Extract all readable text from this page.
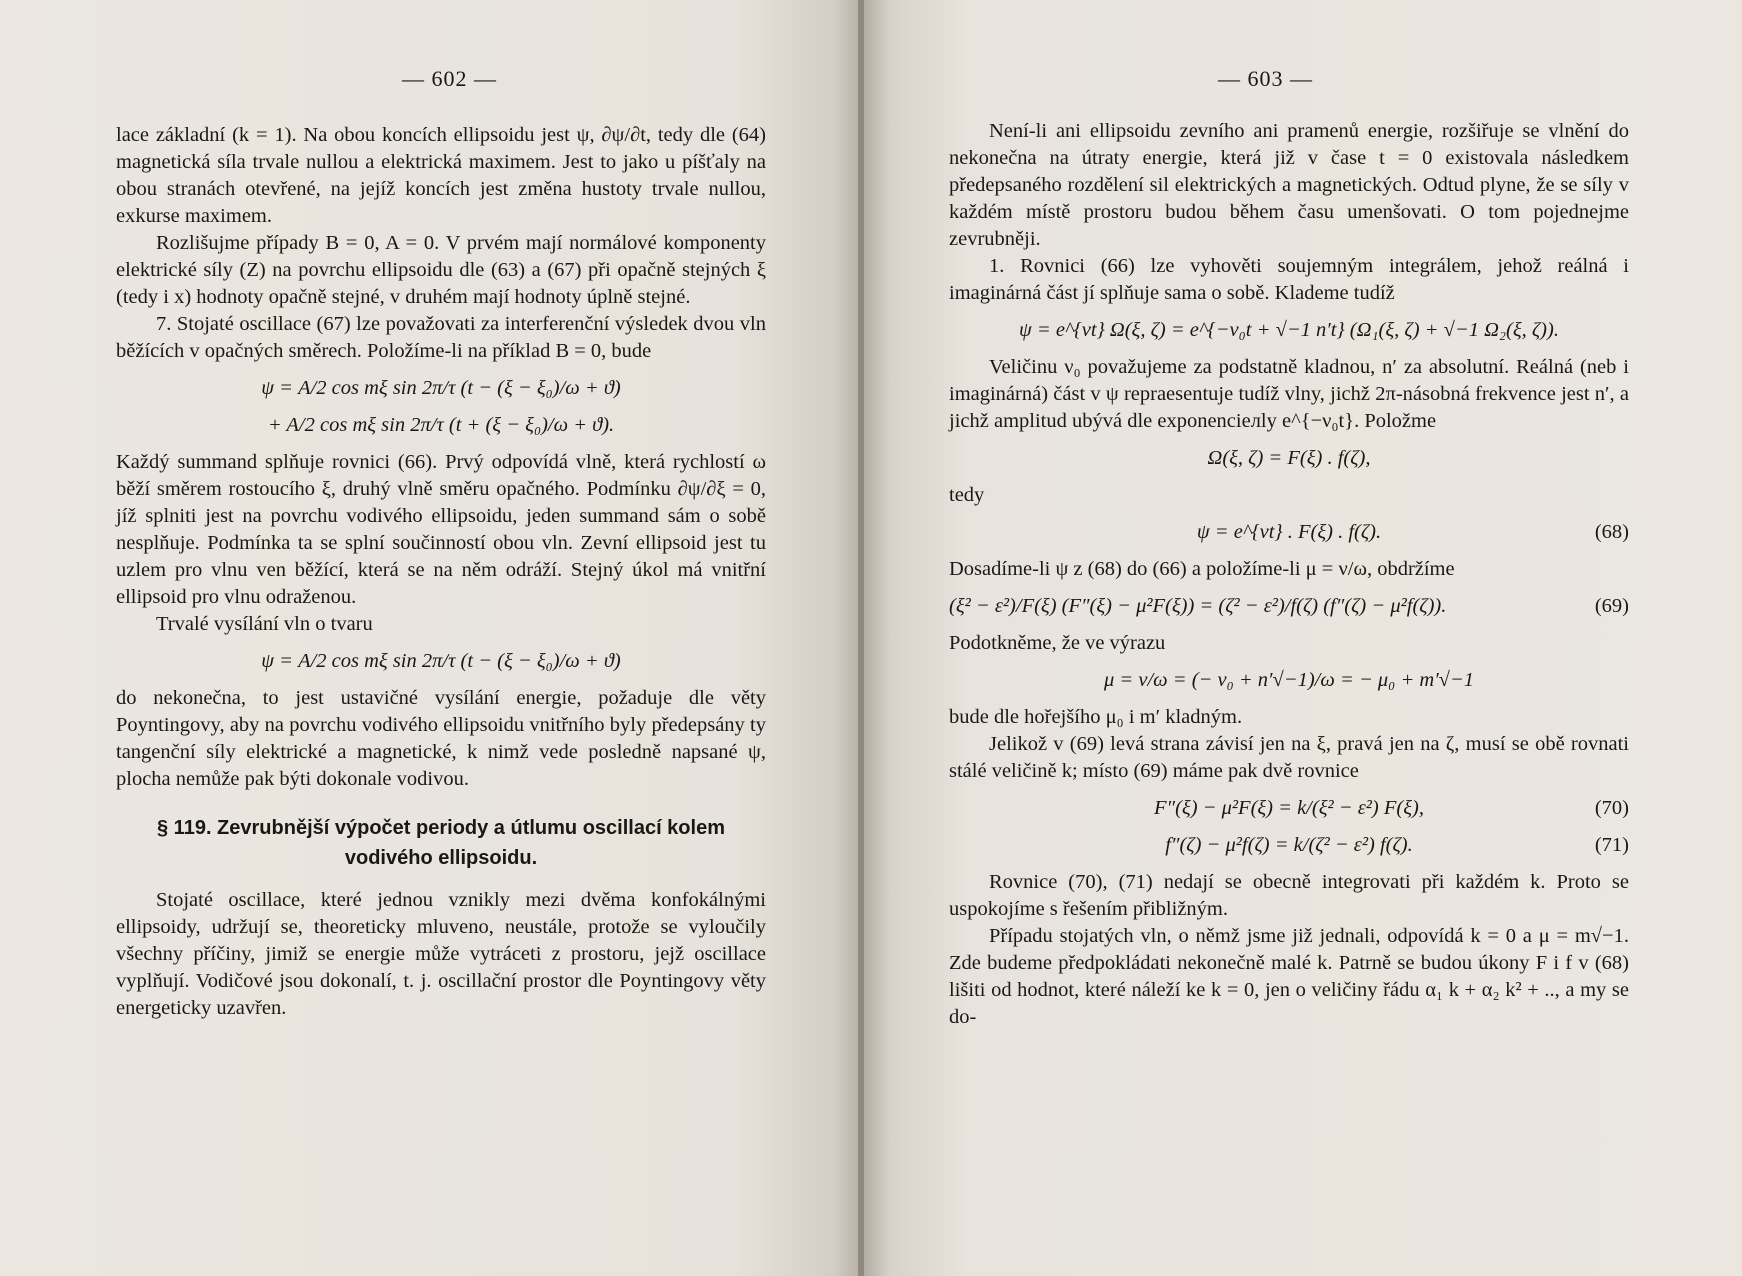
— 602 —

lace základní (k = 1). Na obou koncích ellipsoidu jest ψ, ∂ψ/∂t, tedy dle (64) magnetická síla trvale nullou a elektrická maximem. Jest to jako u píšťaly na obou stranách otevřené, na jejíž koncích jest změna hustoty trvale nullou, exkurse maximem.

Rozlišujme případy B = 0, A = 0. V prvém mají normálové komponenty elektrické síly (Z) na povrchu ellipsoidu dle (63) a (67) při opačně stejných ξ (tedy i x) hodnoty opačně stejné, v druhém mají hodnoty úplně stejné.

7. Stojaté oscillace (67) lze považovati za interferenční výsledek dvou vln běžících v opačných směrech. Položíme-li na příklad B = 0, bude

ψ = A/2 cos mξ sin 2π/τ (t − (ξ − ξ₀)/ω + ϑ)
+ A/2 cos mξ sin 2π/τ (t + (ξ − ξ₀)/ω + ϑ).

Každý summand splňuje rovnici (66). Prvý odpovídá vlně, která rychlostí ω běží směrem rostoucího ξ, druhý vlně směru opačného. Podmínku ∂ψ/∂ξ = 0, jíž splniti jest na povrchu vodivého ellipsoidu, jeden summand sám o sobě nesplňuje. Podmínka ta se splní součinností obou vln. Zevní ellipsoid jest tu uzlem pro vlnu ven běžící, která se na něm odráží. Stejný úkol má vnitřní ellipsoid pro vlnu odraženou.

Trvalé vysílání vln o tvaru

ψ = A/2 cos mξ sin 2π/τ (t − (ξ − ξ₀)/ω + ϑ)

do nekonečna, to jest ustavičné vysílání energie, požaduje dle věty Poyntingovy, aby na povrchu vodivého ellipsoidu vnitřního byly předepsány ty tangenční síly elektrické a magnetické, k nimž vede posledně napsané ψ, plocha nemůže pak býti dokonale vodivou.

§ 119. Zevrubnější výpočet periody a útlumu oscillací kolem
vodivého ellipsoidu.

Stojaté oscillace, které jednou vznikly mezi dvěma konfokálnými ellipsoidy, udržují se, theoreticky mluveno, neustále, protože se vyloučily všechny příčiny, jimiž se energie může vytráceti z prostoru, jejž oscillace vyplňují. Vodičové jsou dokonalí, t. j. oscillační prostor dle Poyntingovy věty energeticky uzavřen.

— 603 —

Není-li ani ellipsoidu zevního ani pramenů energie, rozšiřuje se vlnění do nekonečna na útraty energie, která již v čase t = 0 existovala následkem předepsaného rozdělení sil elektrických a magnetických. Odtud plyne, že se síly v každém místě prostoru budou během času umenšovati. O tom pojednejme zevrubněji.

1. Rovnici (66) lze vyhověti soujemným integrálem, jehož reálná i imaginárná část jí splňuje sama o sobě. Klademe tudíž

ψ = e^{νt} Ω(ξ, ζ) = e^{−ν₀t + √−1 n′t} (Ω₁(ξ, ζ) + √−1 Ω₂(ξ, ζ)).

Veličinu ν₀ považujeme za podstatně kladnou, n′ za absolutní. Reálná (neb i imaginárná) část v ψ repraesentuje tudíž vlny, jichž 2π-násobná frekvence jest n′, a jichž amplitud ubývá dle exponenciелly e^{−ν₀t}. Položme

Ω(ξ, ζ) = F(ξ) . f(ζ),

tedy

ψ = e^{νt} . F(ξ) . f(ζ).	(68)

Dosadíme-li ψ z (68) do (66) a položíme-li μ = ν/ω, obdržíme

(ξ² − ε²)/F(ξ) (F″(ξ) − μ²F(ξ)) = (ζ² − ε²)/f(ζ) (f″(ζ) − μ²f(ζ)).	(69)

Podotkněme, že ve výrazu

μ = ν/ω = (− ν₀ + n′√−1)/ω = − μ₀ + m′√−1

bude dle hořejšího μ₀ i m′ kladným.

Jelikož v (69) levá strana závisí jen na ξ, pravá jen na ζ, musí se obě rovnati stálé veličině k; místo (69) máme pak dvě rovnice

F″(ξ) − μ²F(ξ) = k/(ξ² − ε²) F(ξ),	(70)
f″(ζ) − μ²f(ζ) = k/(ζ² − ε²) f(ζ).	(71)

Rovnice (70), (71) nedají se obecně integrovati při každém k. Proto se uspokojíme s řešením přibližným.

Případu stojatých vln, o němž jsme již jednali, odpovídá k = 0 a μ = m√−1. Zde budeme předpokládati nekonečně malé k. Patrně se budou úkony F i f v (68) lišiti od hodnot, které náleží ke k = 0, jen o veličiny řádu α₁ k + α₂ k² + .., a my se do-
